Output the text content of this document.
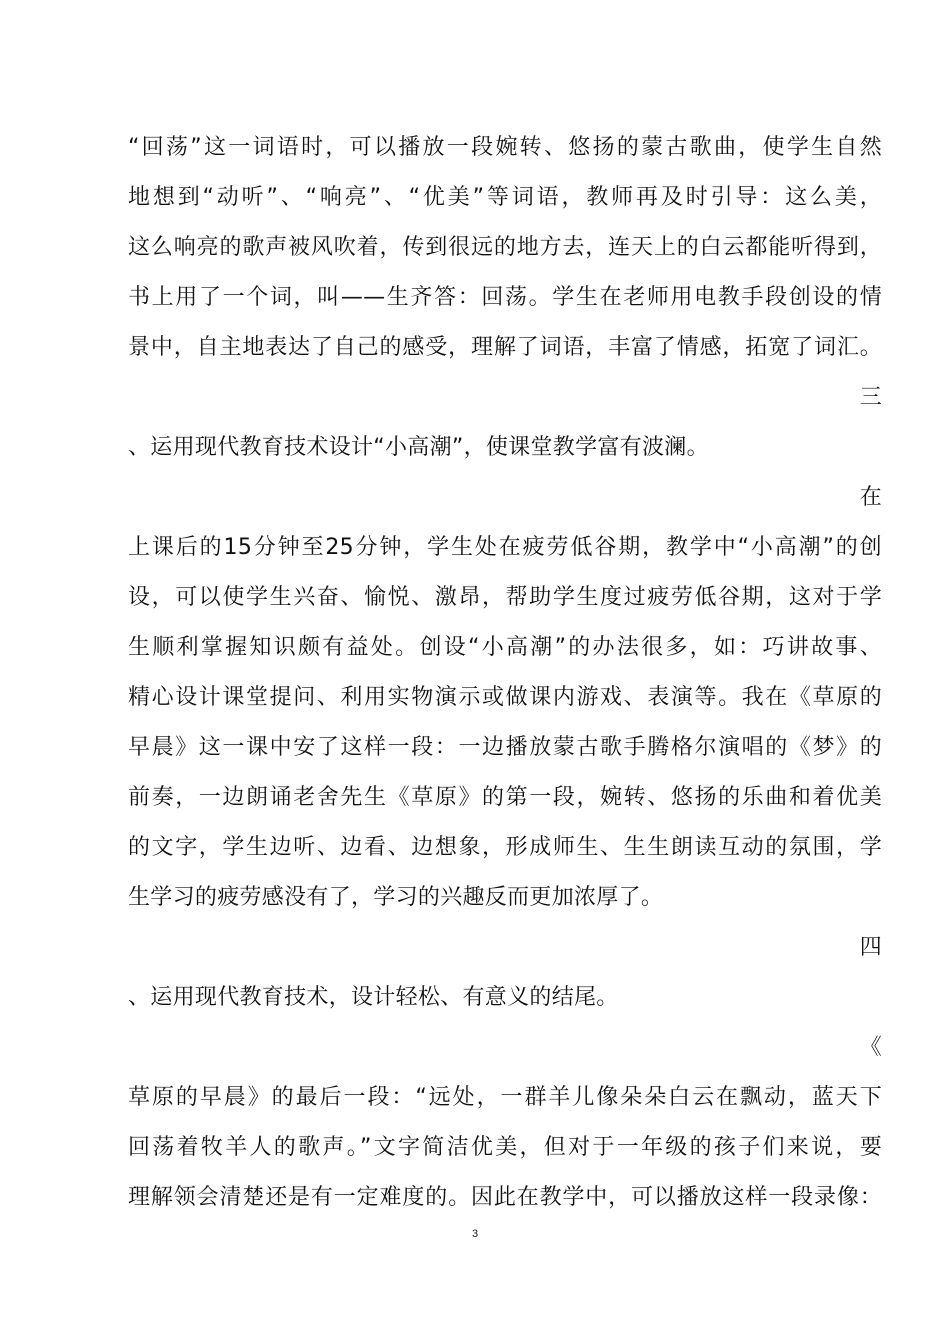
“回荡”这一词语时，可以播放一段婉转、悠扬的蒙古歌曲，使学生自然
地想到“动听”、“响亮”、“优美”等词语，教师再及时引导：这么美，
这么响亮的歌声被风吹着，传到很远的地方去，连天上的白云都能听得到，
书上用了一个词，叫——生齐答：回荡。学生在老师用电教手段创设的情
景中，自主地表达了自己的感受，理解了词语，丰富了情感，拓宽了词汇。
三
、运用现代教育技术设计“小高潮”，使课堂教学富有波澜。
在
上课后的15分钟至25分钟，学生处在疲劳低谷期，教学中“小高潮”的创
设，可以使学生兴奋、愉悦、激昂，帮助学生度过疲劳低谷期，这对于学
生顺利掌握知识颇有益处。创设“小高潮”的办法很多，如：巧讲故事、
精心设计课堂提问、利用实物演示或做课内游戏、表演等。我在《草原的
早晨》这一课中安了这样一段：一边播放蒙古歌手腾格尔演唱的《梦》的
前奏，一边朗诵老舍先生《草原》的第一段，婉转、悠扬的乐曲和着优美
的文字，学生边听、边看、边想象，形成师生、生生朗读互动的氛围，学
生学习的疲劳感没有了，学习的兴趣反而更加浓厚了。
四
、运用现代教育技术，设计轻松、有意义的结尾。
《
草原的早晨》的最后一段：“远处，一群羊儿像朵朵白云在飘动，蓝天下
回荡着牧羊人的歌声。”文字简洁优美，但对于一年级的孩子们来说，要
理解领会清楚还是有一定难度的。因此在教学中，可以播放这样一段录像：
3
